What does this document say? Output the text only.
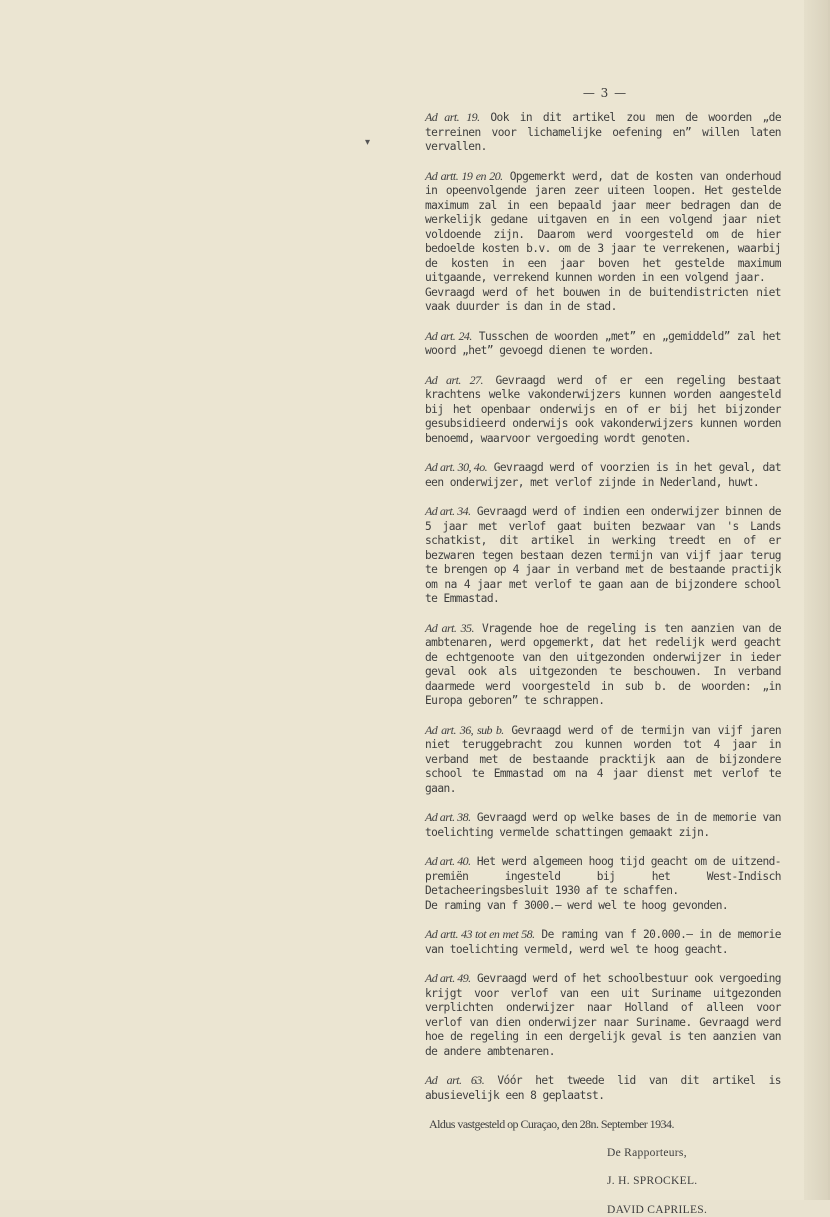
▾
— 3 —

Ad art. 19. Ook in dit artikel zou men de woorden „de terreinen voor lichamelijke oefening en” willen laten vervallen.

Ad artt. 19 en 20. Opgemerkt werd, dat de kosten van onderhoud in opeenvolgende jaren zeer uiteen loopen. Het gestelde maximum zal in een bepaald jaar meer bedragen dan de werkelijk gedane uitgaven en in een volgend jaar niet voldoende zijn. Daarom werd voorgesteld om de hier bedoelde kosten b.v. om de 3 jaar te verrekenen, waarbij de kosten in een jaar boven het gestelde maximum uitgaande, verrekend kunnen worden in een volgend jaar.

Gevraagd werd of het bouwen in de buitendistricten niet vaak duurder is dan in de stad.

Ad art. 24. Tusschen de woorden „met” en „gemiddeld” zal het woord „het” gevoegd dienen te worden.

Ad art. 27. Gevraagd werd of er een regeling bestaat krachtens welke vakonderwijzers kunnen worden aangesteld bij het openbaar onderwijs en of er bij het bijzonder gesubsidieerd onderwijs ook vakonderwijzers kunnen worden benoemd, waarvoor vergoeding wordt genoten.

Ad art. 30, 4o. Gevraagd werd of voorzien is in het geval, dat een onderwijzer, met verlof zijnde in Nederland, huwt.

Ad art. 34. Gevraagd werd of indien een onderwijzer binnen de 5 jaar met verlof gaat buiten bezwaar van 's Lands schatkist, dit artikel in werking treedt en of er bezwaren tegen bestaan dezen termijn van vijf jaar terug te brengen op 4 jaar in verband met de bestaande practijk om na 4 jaar met verlof te gaan aan de bijzondere school te Emmastad.

Ad art. 35. Vragende hoe de regeling is ten aanzien van de ambtenaren, werd opgemerkt, dat het redelijk werd geacht de echtgenoote van den uitgezonden onderwijzer in ieder geval ook als uitgezonden te beschouwen. In verband daarmede werd voorgesteld in sub b. de woorden: „in Europa geboren” te schrappen.

Ad art. 36, sub b. Gevraagd werd of de termijn van vijf jaren niet teruggebracht zou kunnen worden tot 4 jaar in verband met de bestaande pracktijk aan de bijzondere school te Emmastad om na 4 jaar dienst met verlof te gaan.

Ad art. 38. Gevraagd werd op welke bases de in de memorie van toelichting vermelde schattingen gemaakt zijn.

Ad art. 40. Het werd algemeen hoog tijd geacht om de uitzend-premiën ingesteld bij het West-Indisch Detacheeringsbesluit 1930 af te schaffen.

De raming van f 3000.— werd wel te hoog gevonden.

Ad artt. 43 tot en met 58. De raming van f 20.000.— in de memorie van toelichting vermeld, werd wel te hoog geacht.

Ad art. 49. Gevraagd werd of het schoolbestuur ook vergoeding krijgt voor verlof van een uit Suriname uitgezonden verplichten onderwijzer naar Holland of alleen voor verlof van dien onderwijzer naar Suriname. Gevraagd werd hoe de regeling in een dergelijk geval is ten aanzien van de andere ambtenaren.

Ad art. 63. Vóór het tweede lid van dit artikel is abusievelijk een 8 geplaatst.

Aldus vastgesteld op Curaçao, den 28n. September 1934.
De Rapporteurs,
J. H. SPROCKEL.
DAVID CAPRILES.
